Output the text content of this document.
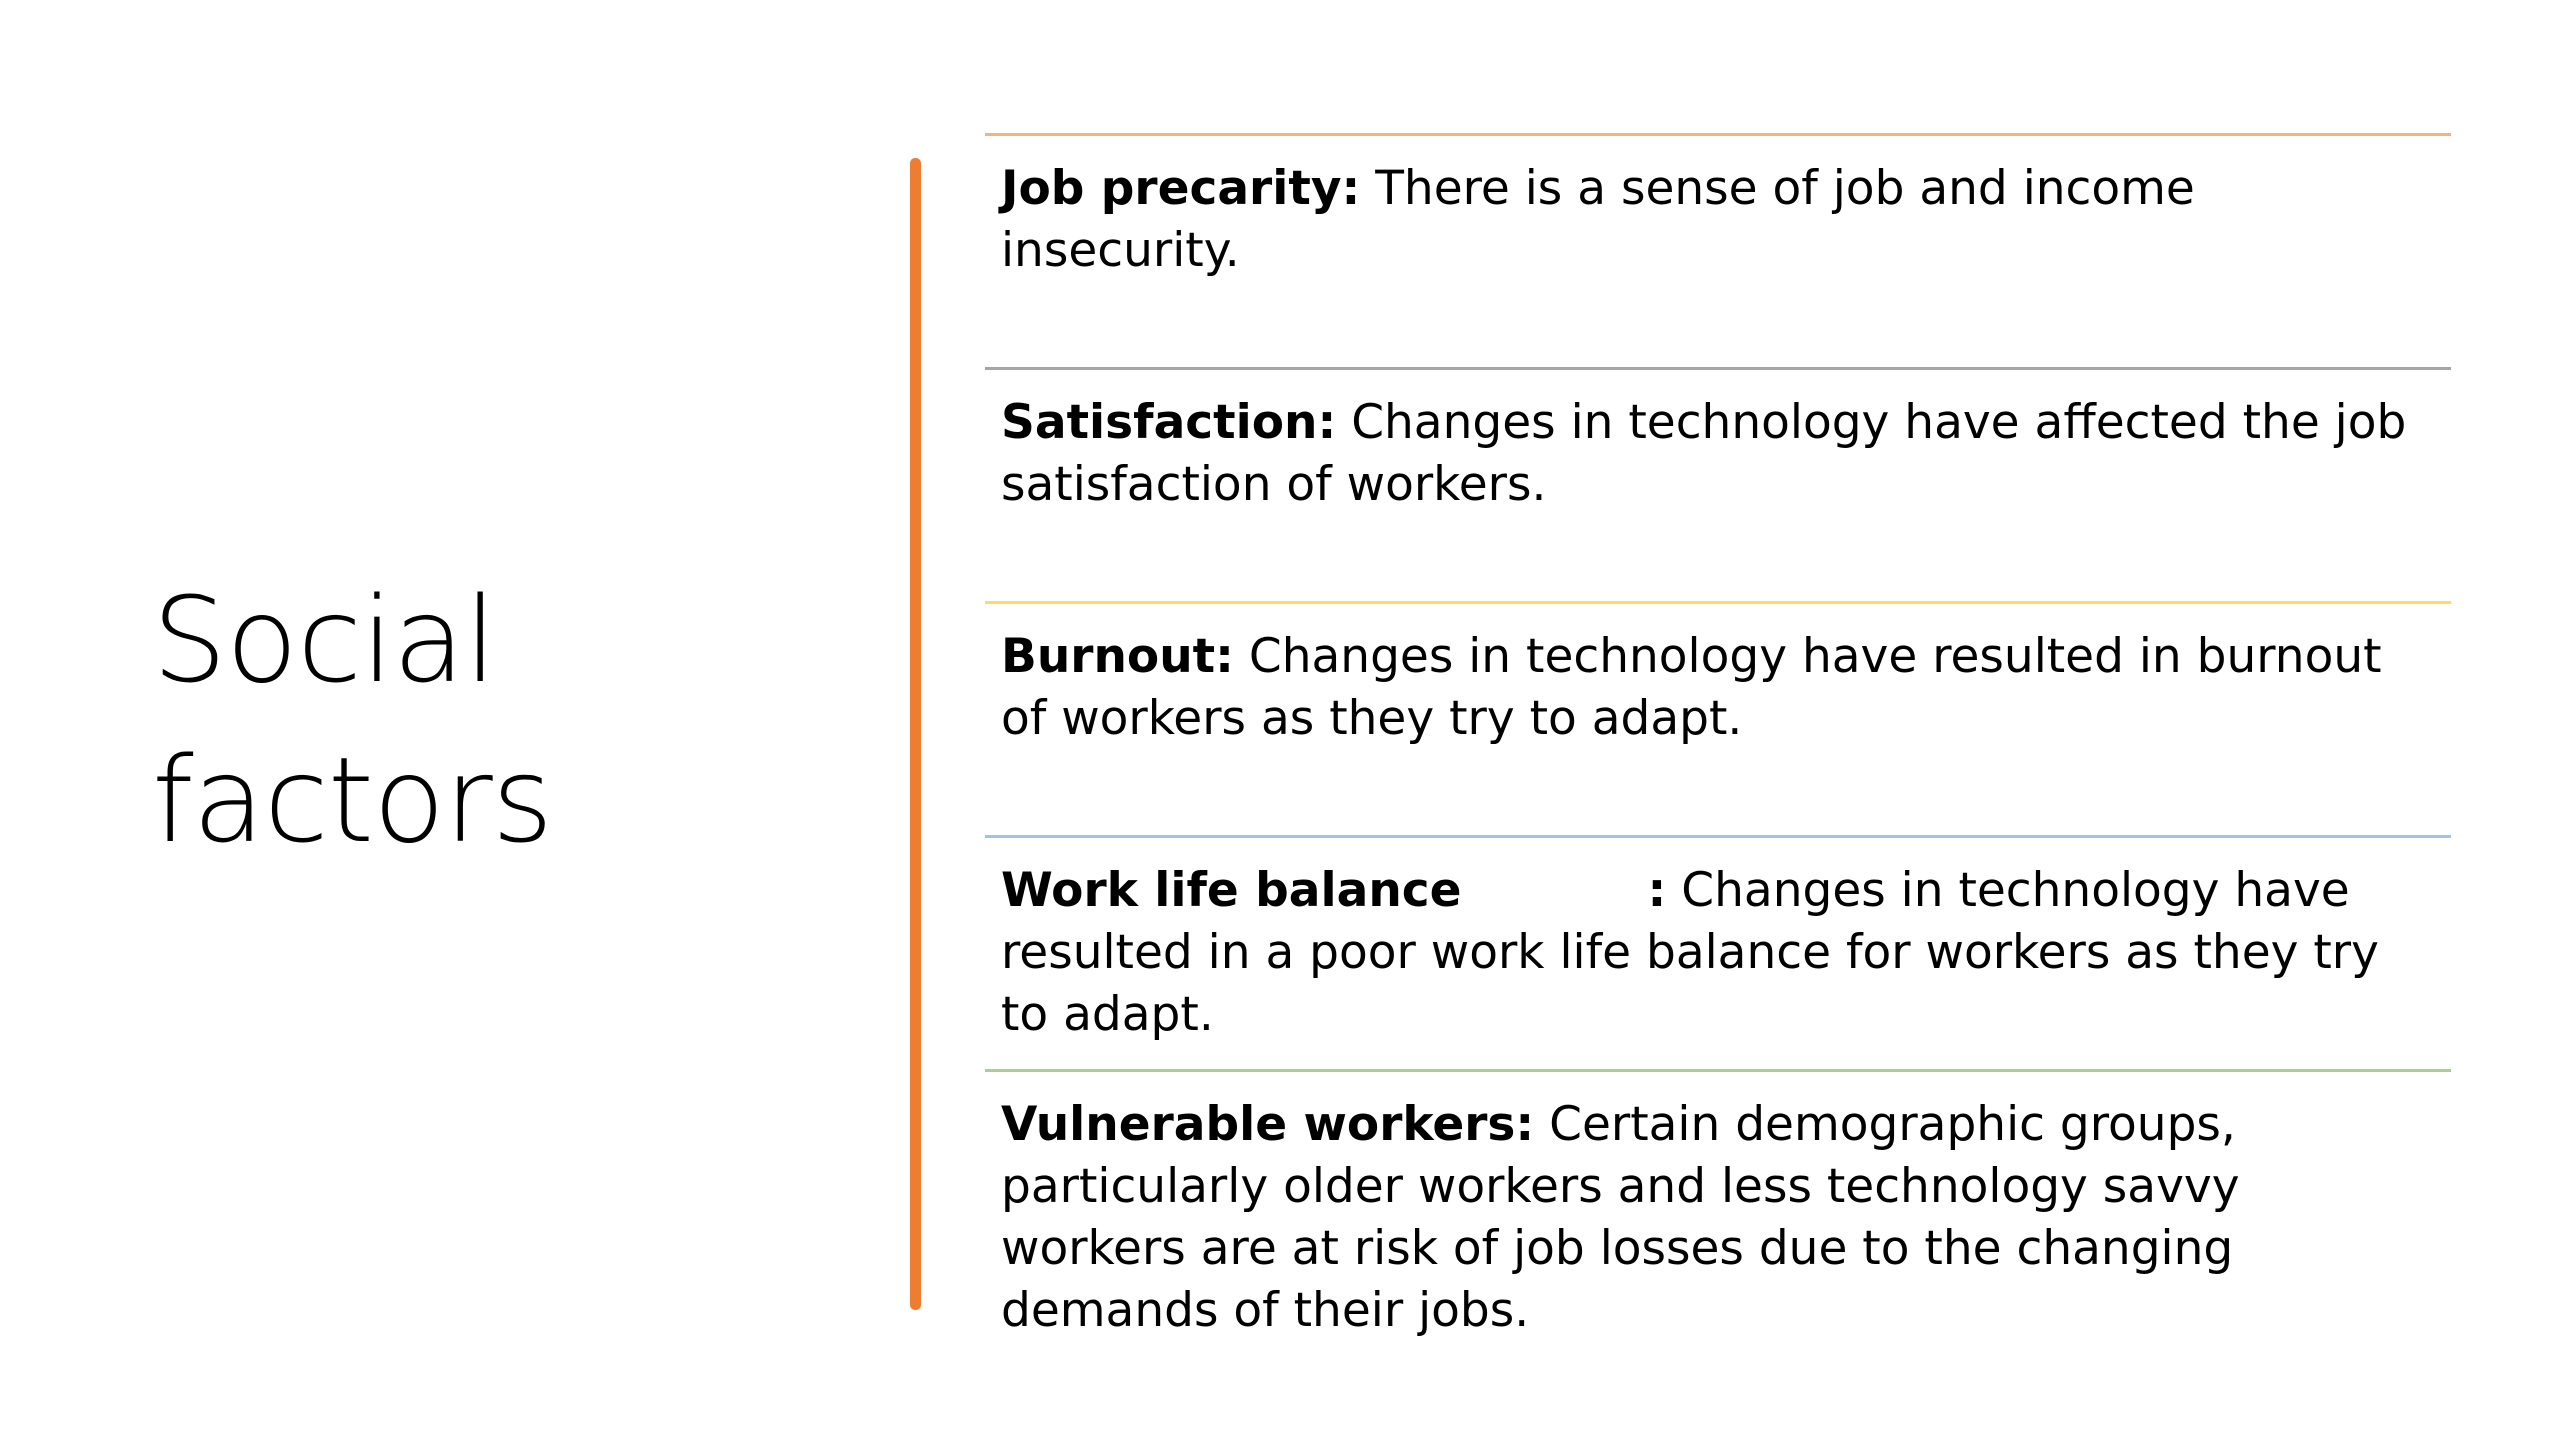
Social
factors

Job precarity: There is a sense of job and income insecurity.

Satisfaction: Changes in technology have affected the job satisfaction of workers.

Burnout: Changes in technology have resulted in burnout of workers as they try to adapt.

Work life balance	: Changes in technology have resulted in a poor work life balance for workers as they try to adapt.

Vulnerable workers: Certain demographic groups, particularly older workers and less technology savvy workers are at risk of job losses due to the changing demands of their jobs.
